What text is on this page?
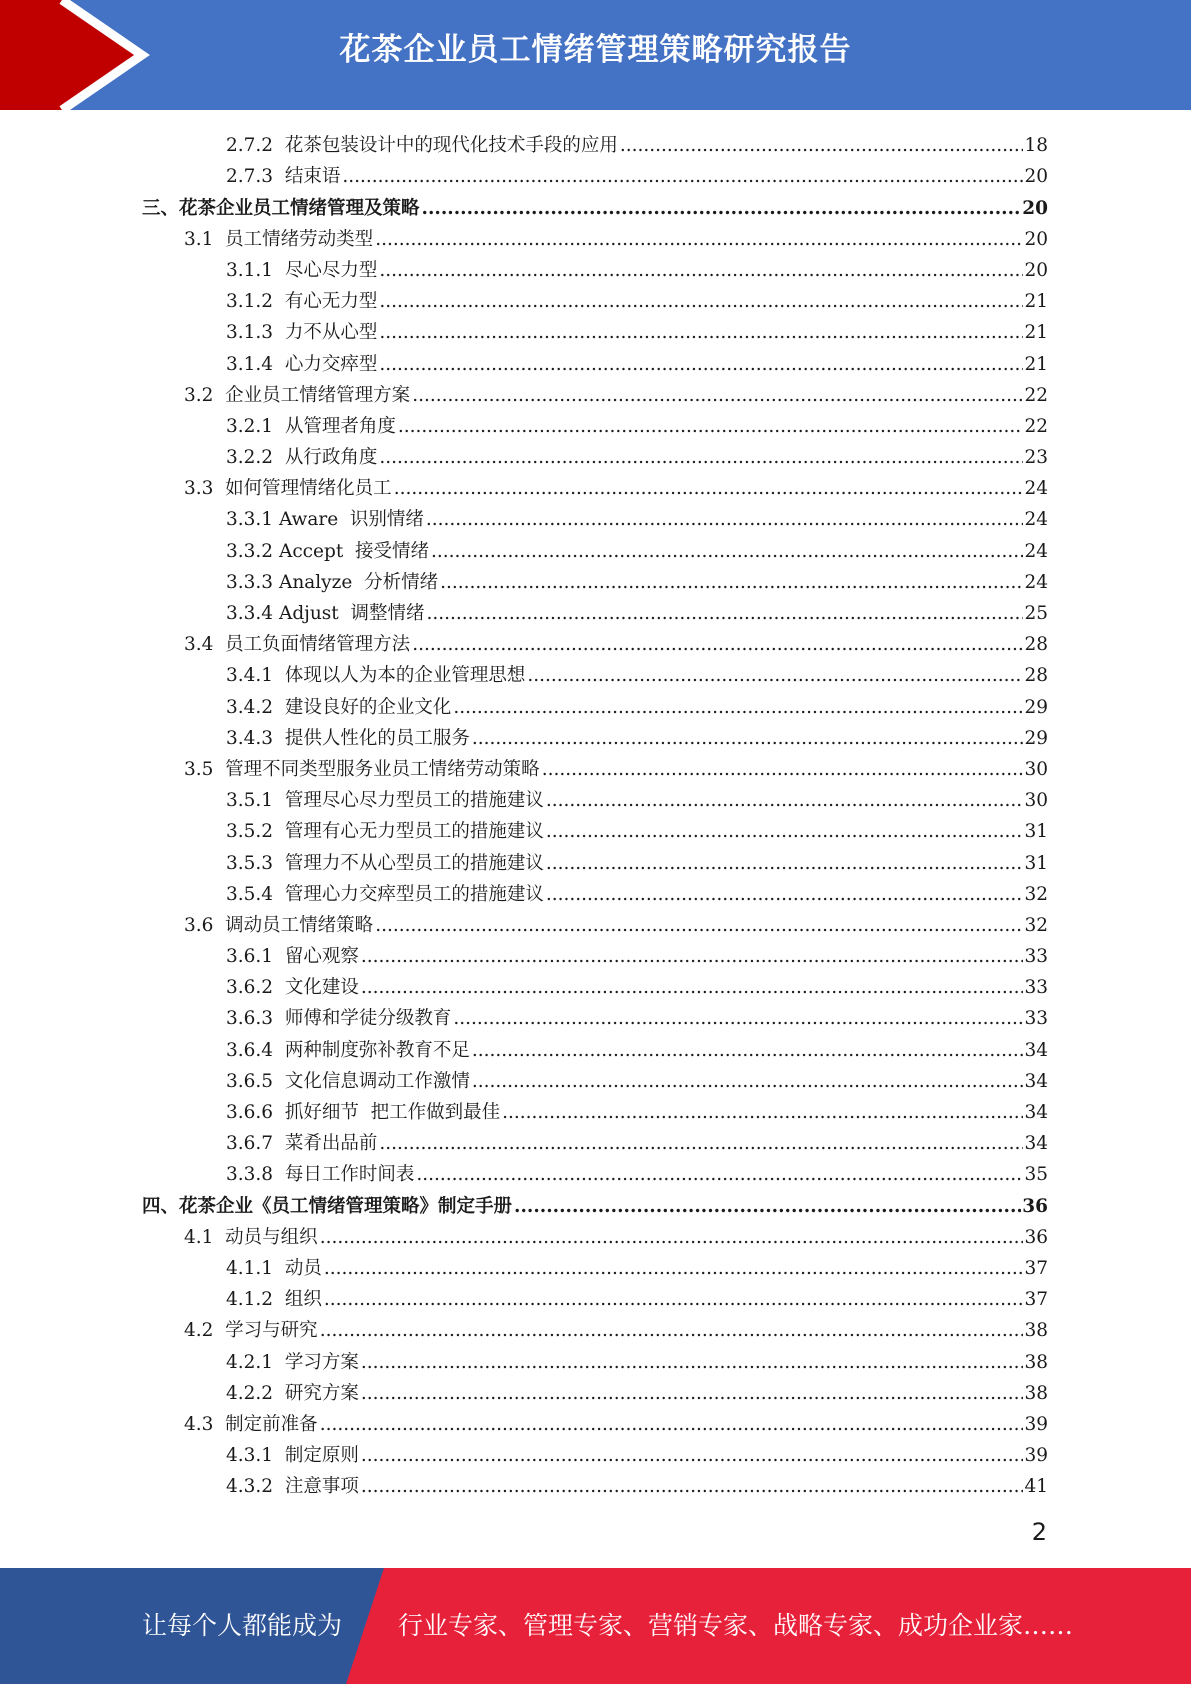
花茶企业员工情绪管理策略研究报告
2.7.2  花茶包装设计中的现代化技术手段的应用 .....	18
2.7.3  结束语 .....	20
三、花茶企业员工情绪管理及策略 .....	20
3.1  员工情绪劳动类型 .....	20
3.1.1  尽心尽力型 .....	20
3.1.2  有心无力型 .....	21
3.1.3  力不从心型 .....	21
3.1.4  心力交瘁型 .....	21
3.2  企业员工情绪管理方案 .....	22
3.2.1  从管理者角度 .....	22
3.2.2  从行政角度 .....	23
3.3  如何管理情绪化员工 .....	24
3.3.1 Aware  识别情绪 .....	24
3.3.2 Accept  接受情绪 .....	24
3.3.3 Analyze  分析情绪 .....	24
3.3.4 Adjust  调整情绪 .....	25
3.4  员工负面情绪管理方法 .....	28
3.4.1  体现以人为本的企业管理思想 .....	28
3.4.2  建设良好的企业文化 .....	29
3.4.3  提供人性化的员工服务 .....	29
3.5  管理不同类型服务业员工情绪劳动策略 .....	30
3.5.1  管理尽心尽力型员工的措施建议 .....	30
3.5.2  管理有心无力型员工的措施建议 .....	31
3.5.3  管理力不从心型员工的措施建议 .....	31
3.5.4  管理心力交瘁型员工的措施建议 .....	32
3.6  调动员工情绪策略 .....	32
3.6.1  留心观察 .....	33
3.6.2  文化建设 .....	33
3.6.3  师傅和学徒分级教育 .....	33
3.6.4  两种制度弥补教育不足 .....	34
3.6.5  文化信息调动工作激情 .....	34
3.6.6  抓好细节  把工作做到最佳 .....	34
3.6.7  菜肴出品前 .....	34
3.3.8  每日工作时间表 .....	35
四、花茶企业《员工情绪管理策略》制定手册 .....	36
4.1  动员与组织 .....	36
4.1.1  动员 .....	37
4.1.2  组织 .....	37
4.2  学习与研究 .....	38
4.2.1  学习方案 .....	38
4.2.2  研究方案 .....	38
4.3  制定前准备 .....	39
4.3.1  制定原则 .....	39
4.3.2  注意事项 .....	41
2
让每个人都能成为 行业专家、管理专家、营销专家、战略专家、成功企业家……
